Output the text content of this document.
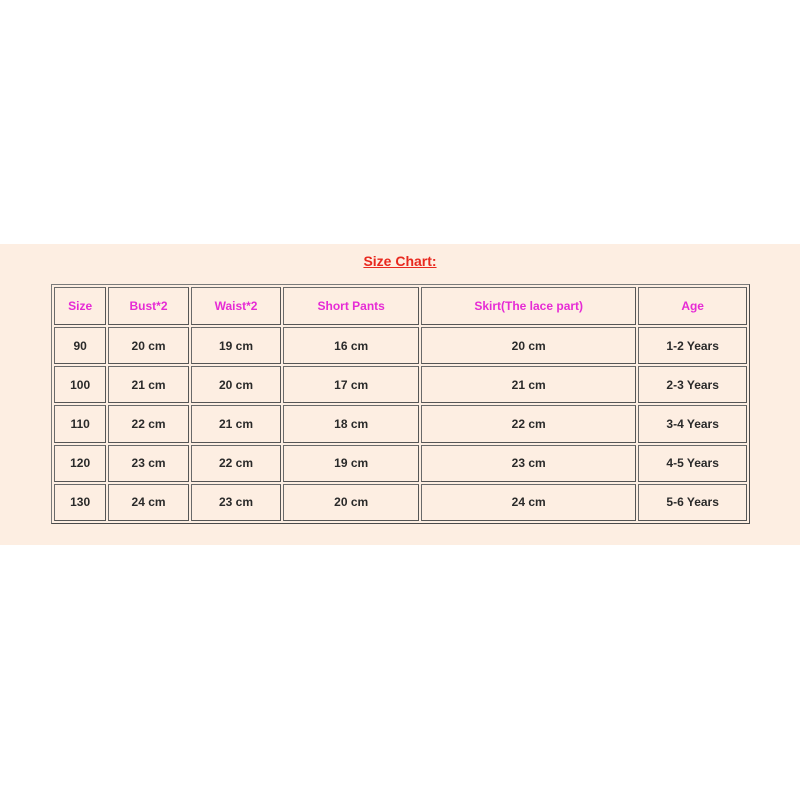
Size Chart:
Size	Bust*2	Waist*2	Short Pants	Skirt(The lace part)	Age
90	20 cm	19 cm	16 cm	20 cm	1-2 Years
100	21 cm	20 cm	17 cm	21 cm	2-3 Years
110	22 cm	21 cm	18 cm	22 cm	3-4 Years
120	23 cm	22 cm	19 cm	23 cm	4-5 Years
130	24 cm	23 cm	20 cm	24 cm	5-6 Years
